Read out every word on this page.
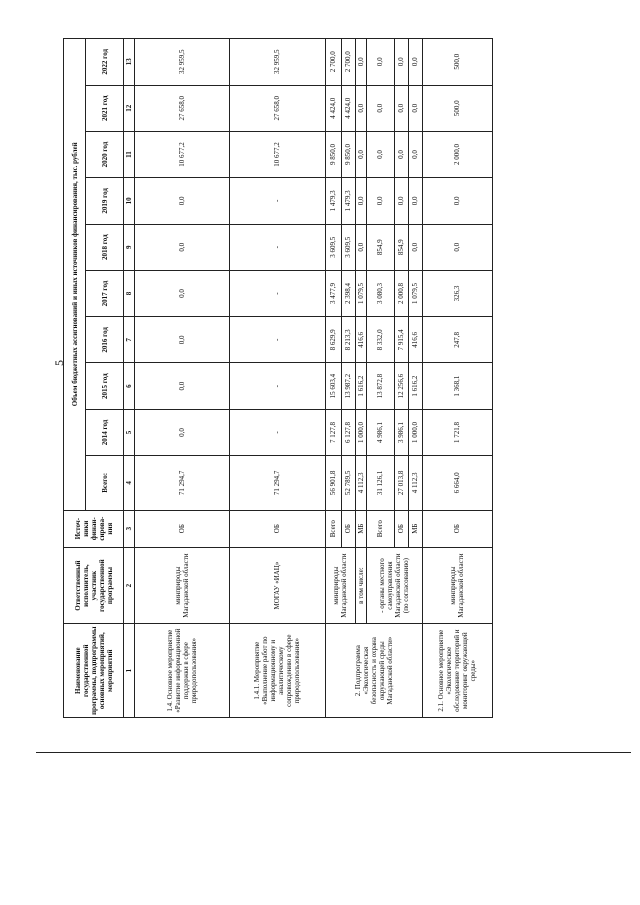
5
Наименование государственной программы, подпрограммы основных мероприятий, мероприятий	Ответственный исполнитель, участник государственной программы	Источники финансирования	Объем бюджетных ассигнований и иных источников финансирования, тыс. рублей									
			Всего:	2014 год	2015 год	2016 год	2017 год	2018 год	2019 год	2020 год	2021 год	2022 год
1	2	3	4	5	6	7	8	9	10	11	12	13
1.4. Основное мероприятие «Развитие информационной поддержки в сфере природопользования»	минприроды Магаданской области	ОБ	71 294,7	0,0	0,0	0,0	0,0	0,0	0,0	10 677,2	27 658,0	32 959,5
1.4.1. Мероприятие «Выполнение работ по информационному и аналитическому сопровождению в сфере природопользования»	МОГАУ «ИАЦ»	ОБ	71 294,7	-	-	-	-	-	-	10 677,2	27 658,0	32 959,5
2. Подпрограмма «Экологическая безопасность и охрана окружающей среды Магаданской области»	минприроды Магаданской области	Всего	56 901,8	7 127,8	15 603,4	8 629,9	3 477,9	3 609,5	1 479,3	9 850,0	4 424,0	2 700,0
		ОБ	52 789,5	6 127,8	13 987,2	8 213,3	2 398,4	3 609,5	1 479,3	9 850,0	4 424,0	2 700,0
	в том числе:	МБ	4 112,3	1 000,0	1 616,2	416,6	1 079,5	0,0	0,0	0,0	0,0	0,0
	- органы местного самоуправления Магаданской области (по согласованию)	Всего	31 126,1	4 986,1	13 872,8	8 332,0	3 080,3	854,9	0,0	0,0	0,0	0,0
		ОБ	27 013,8	3 986,1	12 256,6	7 915,4	2 000,8	854,9	0,0	0,0	0,0	0,0
		МБ	4 112,3	1 000,0	1 616,2	416,6	1 079,5	0,0	0,0	0,0	0,0	0,0
2.1. Основное мероприятие «Экологическое обследование территорий и мониторинг окружающей среды»	минприроды Магаданской области	ОБ	6 664,0	1 721,8	1 368,1	247,8	326,3	0,0	0,0	2 000,0	500,0	500,0
